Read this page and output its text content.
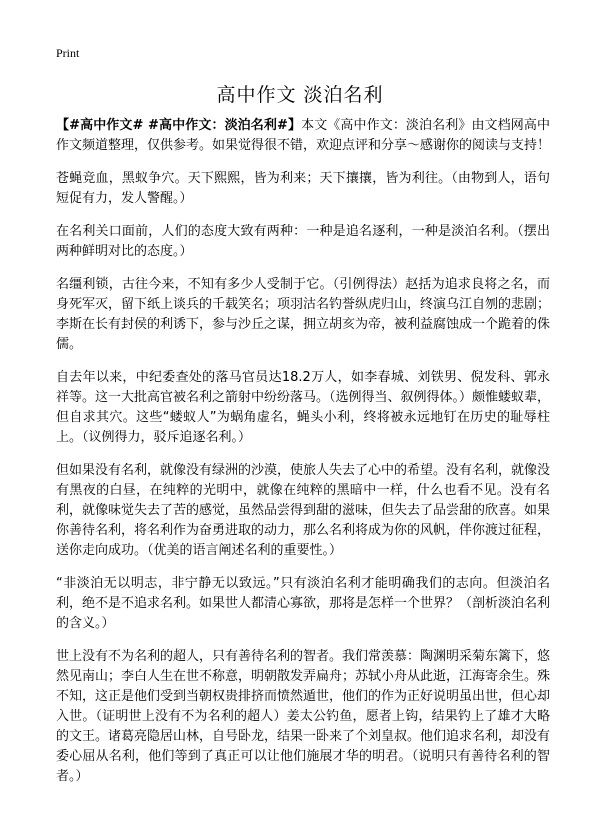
Print
高中作文 淡泊名利

【#高中作文# #高中作文：淡泊名利#】本文《高中作文：淡泊名利》由文档网高中作文频道整理，仅供参考。如果觉得很不错，欢迎点评和分享～感谢你的阅读与支持！

苍蝇竞血，黑蚁争穴。天下熙熙，皆为利来；天下攘攘，皆为利往。（由物到人，语句短促有力，发人警醒。）

在名利关口面前，人们的态度大致有两种：一种是追名逐利，一种是淡泊名利。（摆出两种鲜明对比的态度。）

名缰利锁，古往今来，不知有多少人受制于它。（引例得法）赵括为追求良将之名，而身死军灭，留下纸上谈兵的千载笑名；项羽沽名钓誉纵虎归山，终演乌江自刎的悲剧；李斯在长有封侯的利诱下，参与沙丘之谋，拥立胡亥为帝，被利益腐蚀成一个跪着的侏儒。

自去年以来，中纪委查处的落马官员达18.2万人，如李春城、刘铁男、倪发科、郭永祥等。这一大批高官被名利之箭射中纷纷落马。（选例得当、叙例得体。）颇惟蝼蚁辈，但自求其穴。这些“蝼蚁人”为蜗角虚名，蝇头小利，终将被永远地钉在历史的耻辱柱上。（议例得力，驳斥追逐名利。）

但如果没有名利，就像没有绿洲的沙漠，使旅人失去了心中的希望。没有名利，就像没有黑夜的白昼，在纯粹的光明中，就像在纯粹的黑暗中一样，什么也看不见。没有名利，就像味觉失去了苦的感觉，虽然品尝得到甜的滋味，但失去了品尝甜的欣喜。如果你善待名利，将名利作为奋勇进取的动力，那么名利将成为你的风帆，伴你渡过征程，送你走向成功。（优美的语言阐述名利的重要性。）

“非淡泊无以明志，非宁静无以致远。”只有淡泊名利才能明确我们的志向。但淡泊名利，绝不是不追求名利。如果世人都清心寡欲，那将是怎样一个世界？（剖析淡泊名利的含义。）

世上没有不为名利的超人，只有善待名利的智者。我们常羡慕：陶渊明采菊东篱下，悠然见南山；李白人生在世不称意，明朝散发弄扁舟；苏轼小舟从此逝，江海寄余生。殊不知，这正是他们受到当朝权贵排挤而愤然遁世，他们的作为正好说明虽出世，但心却入世。（证明世上没有不为名利的超人）姜太公钓鱼，愿者上钩，结果钓上了雄才大略的文王。诸葛亮隐居山林，自号卧龙，结果一卧来了个刘皇叔。他们追求名利，却没有委心屈从名利，他们等到了真正可以让他们施展才华的明君。（说明只有善待名利的智者。）
